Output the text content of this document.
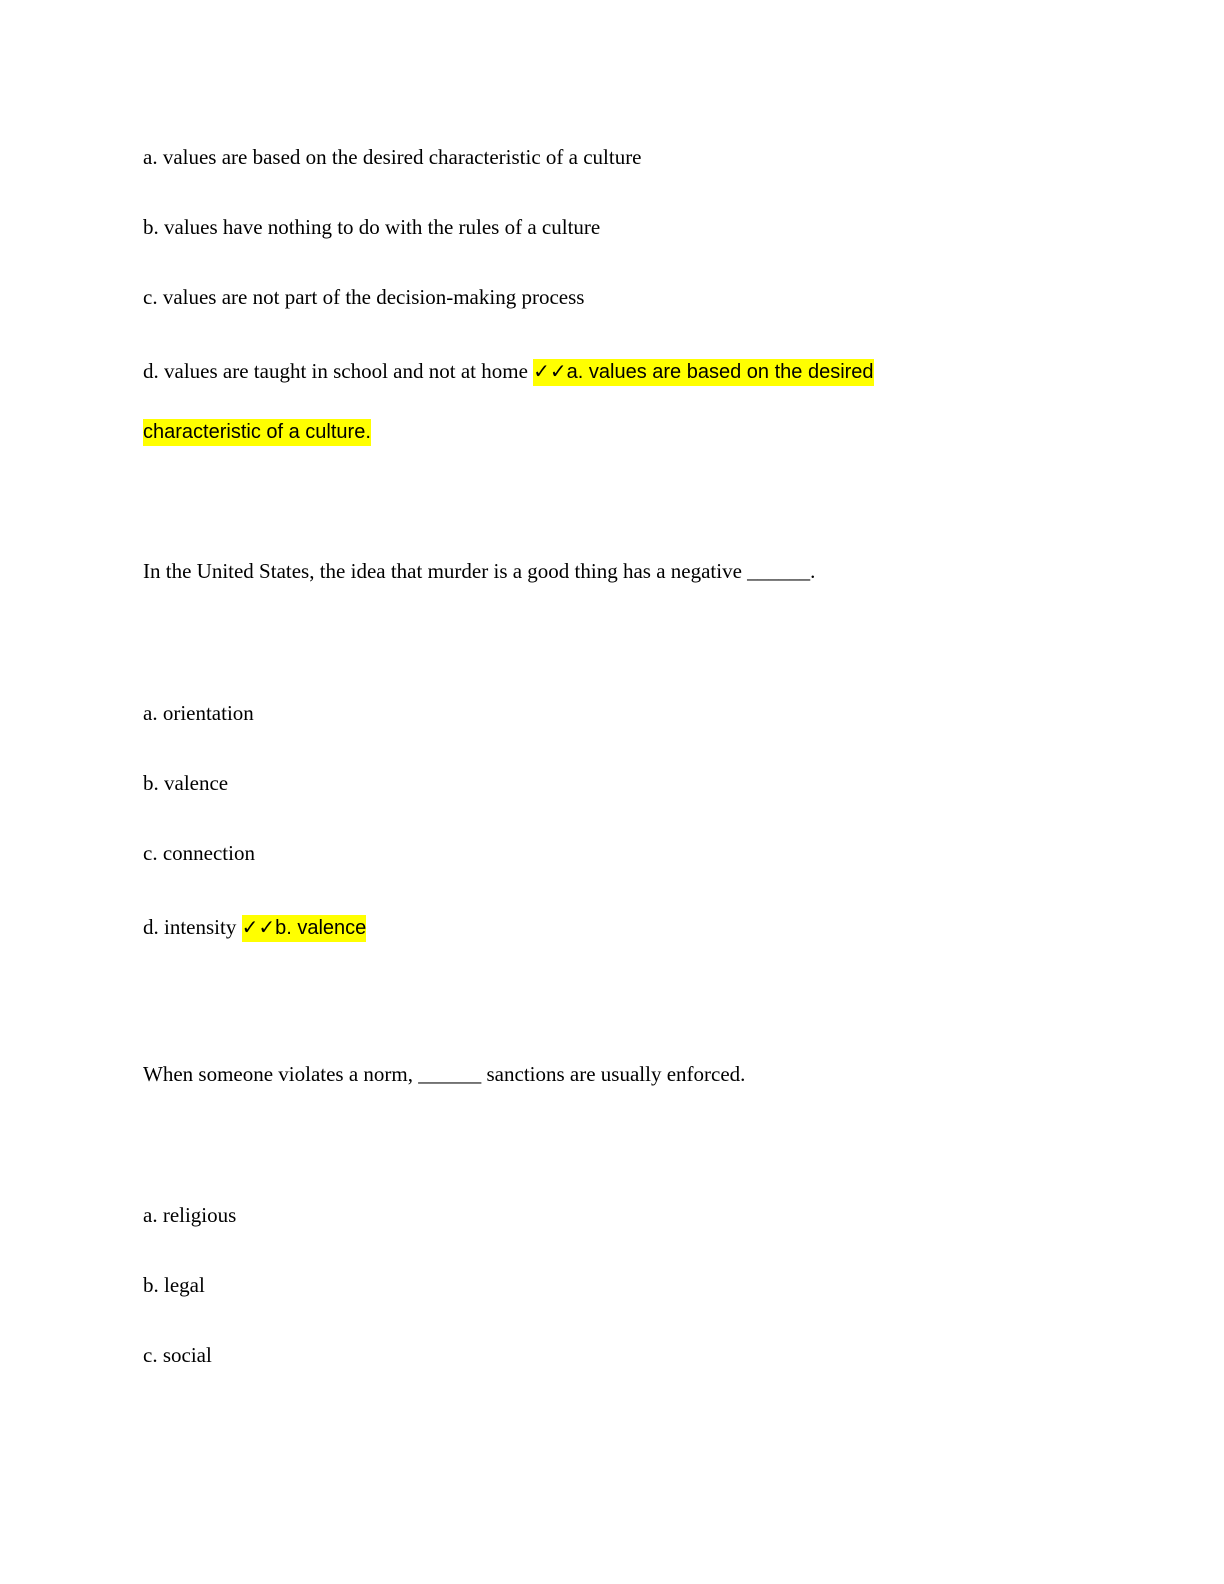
a. values are based on the desired characteristic of a culture
b. values have nothing to do with the rules of a culture
c. values are not part of the decision-making process
d. values are taught in school and not at home ✓✓a. values are based on the desired
characteristic of a culture.
In the United States, the idea that murder is a good thing has a negative ______.
a. orientation
b. valence
c. connection
d. intensity ✓✓b. valence
When someone violates a norm, ______ sanctions are usually enforced.
a. religious
b. legal
c. social
